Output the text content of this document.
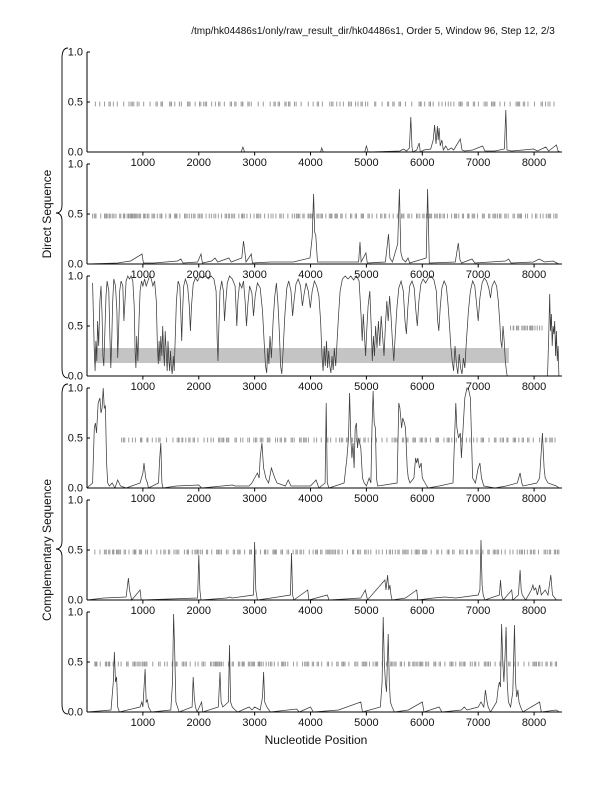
/tmp/hk04486s1/only/raw_result_dir/hk04486s1, Order 5, Window 96, Step 12, 2/3
1.0
0.5
0.0
1000	2000	3000	4000	5000	6000	7000	8000
1.0
0.5
0.0
1000	2000	3000	4000	5000	6000	7000	8000
1.0
0.5
0.0
1000	2000	3000	4000	5000	6000	7000	8000
1.0
0.5
0.0
1000	2000	3000	4000	5000	6000	7000	8000
1.0
0.5
0.0
1000	2000	3000	4000	5000	6000	7000	8000
1.0
0.5
0.0
1000	2000	3000	4000	5000	6000	7000	8000
Direct Sequence
Complementary Sequence
Nucleotide Position
